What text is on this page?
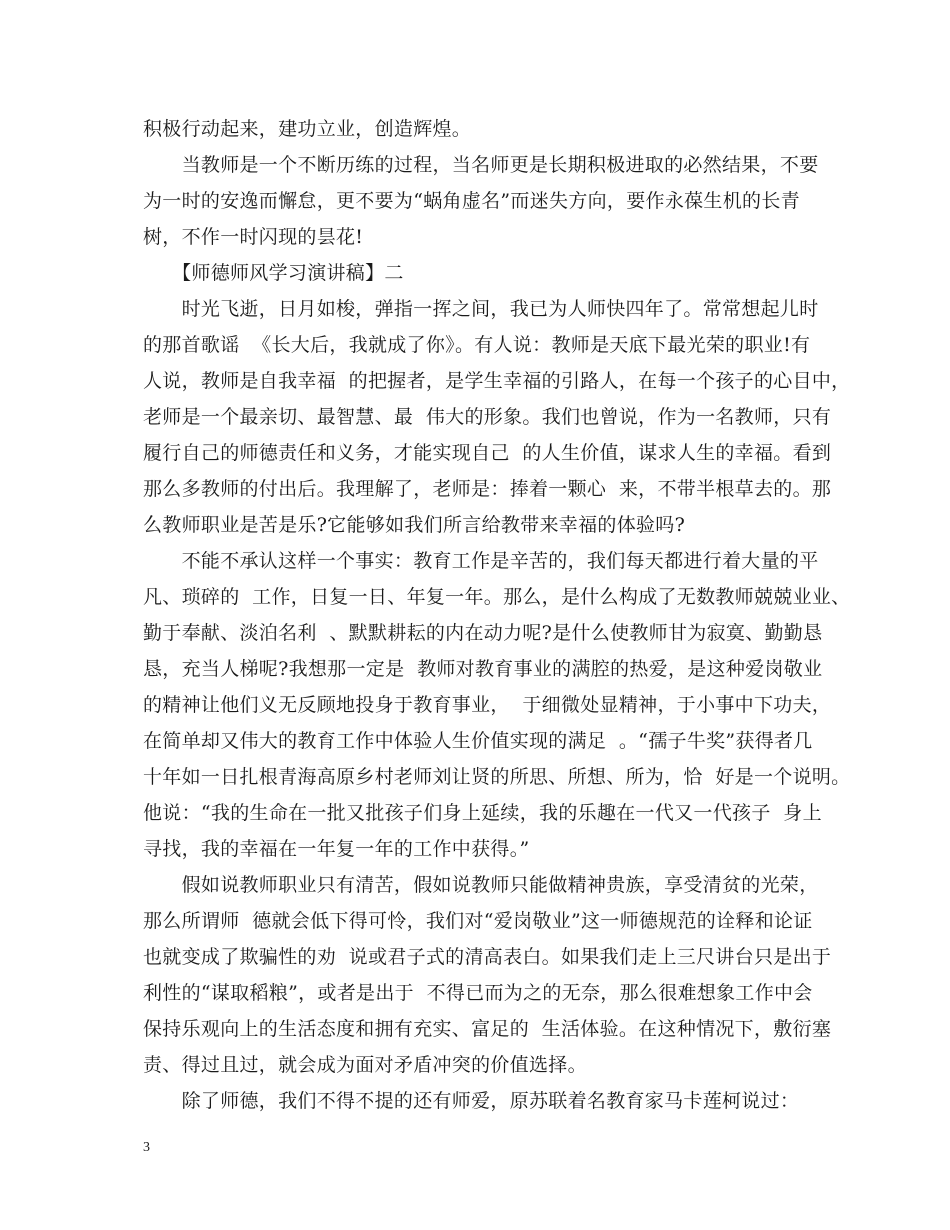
积极行动起来，建功立业，创造辉煌。
　　当教师是一个不断历练的过程，当名师更是长期积极进取的必然结果，不要
为一时的安逸而懈怠，更不要为“蜗角虚名”而迷失方向，要作永葆生机的长青
树，不作一时闪现的昙花!
　　【师德师风学习演讲稿】二
　　时光飞逝，日月如梭，弹指一挥之间，我已为人师快四年了。常常想起儿时
的那首歌谣  《长大后，我就成了你》。有人说：教师是天底下最光荣的职业!有
人说，教师是自我幸福  的把握者，是学生幸福的引路人，在每一个孩子的心目中，
老师是一个最亲切、最智慧、最  伟大的形象。我们也曾说，作为一名教师，只有
履行自己的师德责任和义务，才能实现自己  的人生价值，谋求人生的幸福。看到
那么多教师的付出后。我理解了，老师是：捧着一颗心  来，不带半根草去的。那
么教师职业是苦是乐?它能够如我们所言给教带来幸福的体验吗?
　　不能不承认这样一个事实：教育工作是辛苦的，我们每天都进行着大量的平
凡、琐碎的  工作，日复一日、年复一年。那么，是什么构成了无数教师兢兢业业、
勤于奉献、淡泊名利  、默默耕耘的内在动力呢?是什么使教师甘为寂寞、勤勤恳
恳，充当人梯呢?我想那一定是  教师对教育事业的满腔的热爱，是这种爱岗敬业
的精神让他们义无反顾地投身于教育事业，  于细微处显精神，于小事中下功夫，
在简单却又伟大的教育工作中体验人生价值实现的满足  。“孺子牛奖”获得者几
十年如一日扎根青海高原乡村老师刘让贤的所思、所想、所为，恰  好是一个说明。
他说：“我的生命在一批又批孩子们身上延续，我的乐趣在一代又一代孩子  身上
寻找，我的幸福在一年复一年的工作中获得。”
　　假如说教师职业只有清苦，假如说教师只能做精神贵族，享受清贫的光荣，
那么所谓师  德就会低下得可怜，我们对“爱岗敬业”这一师德规范的诠释和论证
也就变成了欺骗性的劝  说或君子式的清高表白。如果我们走上三尺讲台只是出于
利性的“谋取稻粮”，或者是出于  不得已而为之的无奈，那么很难想象工作中会
保持乐观向上的生活态度和拥有充实、富足的  生活体验。在这种情况下，敷衍塞
责、得过且过，就会成为面对矛盾冲突的价值选择。
　　除了师德，我们不得不提的还有师爱，原苏联着名教育家马卡莲柯说过：
3
